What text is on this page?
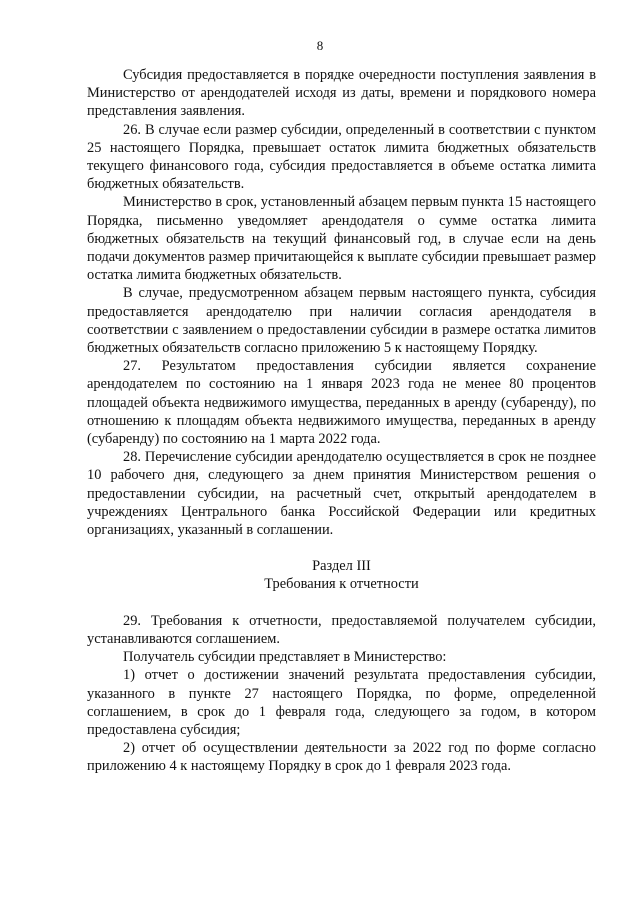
8

Субсидия предоставляется в порядке очередности поступления заявления в Министерство от арендодателей исходя из даты, времени и порядкового номера представления заявления.

26. В случае если размер субсидии, определенный в соответствии с пунктом 25 настоящего Порядка, превышает остаток лимита бюджетных обязательств текущего финансового года, субсидия предоставляется в объеме остатка лимита бюджетных обязательств.

Министерство в срок, установленный абзацем первым пункта 15 настоящего Порядка, письменно уведомляет арендодателя о сумме остатка лимита бюджетных обязательств на текущий финансовый год, в случае если на день подачи документов размер причитающейся к выплате субсидии превышает размер остатка лимита бюджетных обязательств.

В случае, предусмотренном абзацем первым настоящего пункта, субсидия предоставляется арендодателю при наличии согласия арендодателя в соответствии с заявлением о предоставлении субсидии в размере остатка лимитов бюджетных обязательств согласно приложению 5 к настоящему Порядку.

27. Результатом предоставления субсидии является сохранение арендодателем по состоянию на 1 января 2023 года не менее 80 процентов площадей объекта недвижимого имущества, переданных в аренду (субаренду), по отношению к площадям объекта недвижимого имущества, переданных в аренду (субаренду) по состоянию на 1 марта 2022 года.

28. Перечисление субсидии арендодателю осуществляется в срок не позднее 10 рабочего дня, следующего за днем принятия Министерством решения о предоставлении субсидии, на расчетный счет, открытый арендодателем в учреждениях Центрального банка Российской Федерации или кредитных организациях, указанный в соглашении.

Раздел III
Требования к отчетности

29. Требования к отчетности, предоставляемой получателем субсидии, устанавливаются соглашением.

Получатель субсидии представляет в Министерство:

1) отчет о достижении значений результата предоставления субсидии, указанного в пункте 27 настоящего Порядка, по форме, определенной соглашением, в срок до 1 февраля года, следующего за годом, в котором предоставлена субсидия;

2) отчет об осуществлении деятельности за 2022 год по форме согласно приложению 4 к настоящему Порядку в срок до 1 февраля 2023 года.
